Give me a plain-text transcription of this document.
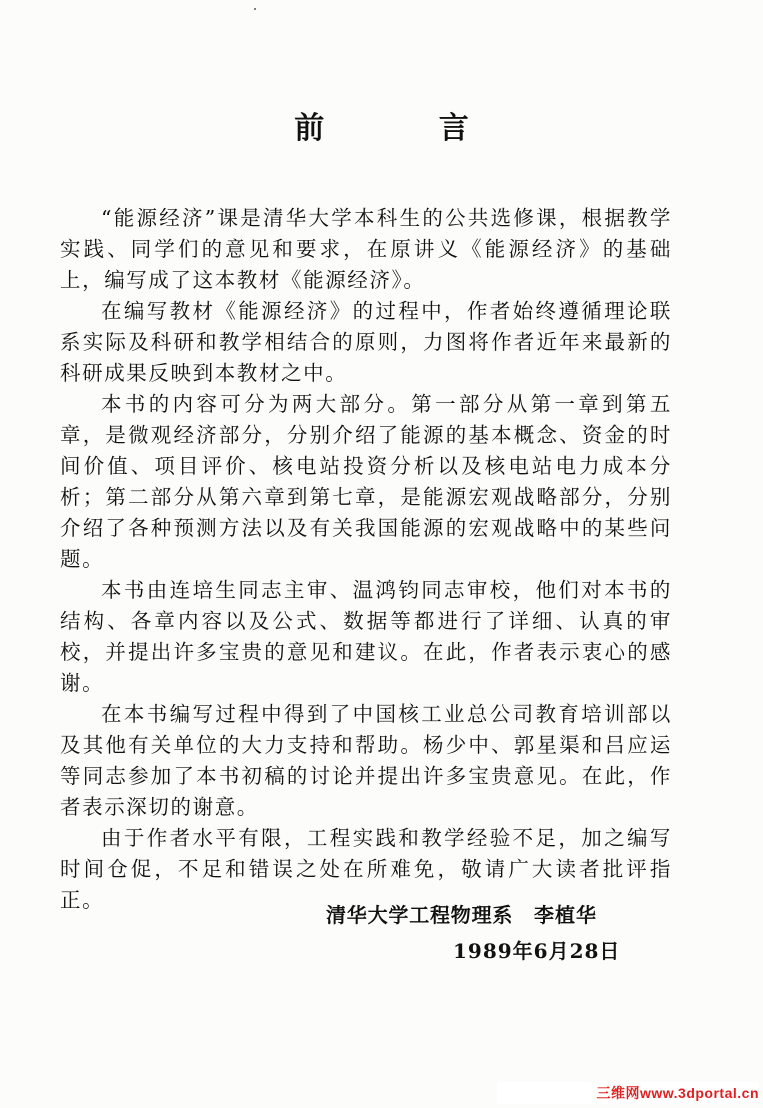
前 言

“能源经济”课是清华大学本科生的公共选修课，根据教学实践、同学们的意见和要求，在原讲义《能源经济》的基础上，编写成了这本教材《能源经济》。

在编写教材《能源经济》的过程中，作者始终遵循理论联系实际及科研和教学相结合的原则，力图将作者近年来最新的科研成果反映到本教材之中。

本书的内容可分为两大部分。第一部分从第一章到第五章，是微观经济部分，分别介绍了能源的基本概念、资金的时间价值、项目评价、核电站投资分析以及核电站电力成本分析；第二部分从第六章到第七章，是能源宏观战略部分，分别介绍了各种预测方法以及有关我国能源的宏观战略中的某些问题。

本书由连培生同志主审、温鸿钧同志审校，他们对本书的结构、各章内容以及公式、数据等都进行了详细、认真的审校，并提出许多宝贵的意见和建议。在此，作者表示衷心的感谢。

在本书编写过程中得到了中国核工业总公司教育培训部以及其他有关单位的大力支持和帮助。杨少中、郭星渠和吕应运等同志参加了本书初稿的讨论并提出许多宝贵意见。在此，作者表示深切的谢意。

由于作者水平有限，工程实践和教学经验不足，加之编写时间仓促，不足和错误之处在所难免，敬请广大读者批评指正。

清华大学工程物理系 李植华
1989年6月28日
三维网www.3dportal.cn
